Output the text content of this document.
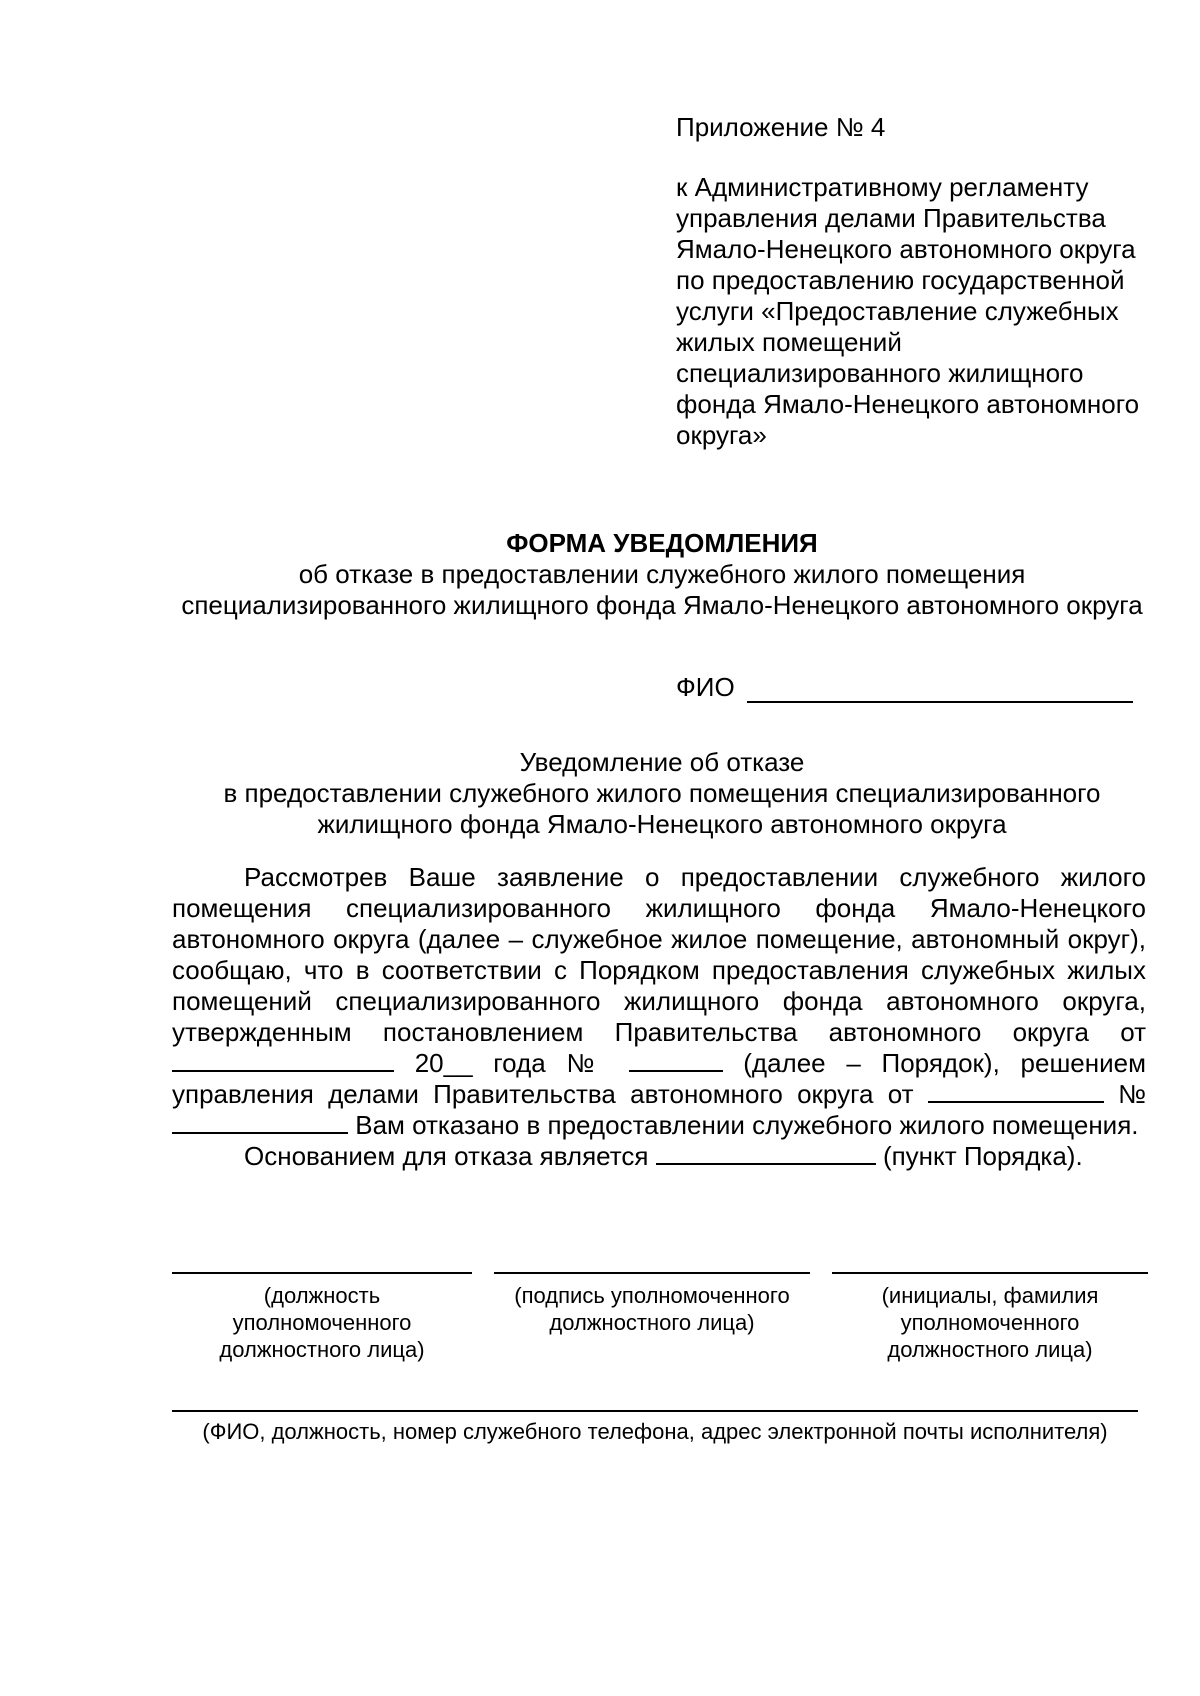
Приложение № 4

к Административному регламенту управления делами Правительства Ямало-Ненецкого автономного округа по предоставлению государственной услуги «Предоставление служебных жилых помещений специализированного жилищного фонда Ямало-Ненецкого автономного округа»

ФОРМА УВЕДОМЛЕНИЯ
об отказе в предоставлении служебного жилого помещения специализированного жилищного фонда Ямало-Ненецкого автономного округа
ФИО
Уведомление об отказе
в предоставлении служебного жилого помещения специализированного жилищного фонда Ямало-Ненецкого автономного округа

Рассмотрев Ваше заявление о предоставлении служебного жилого помещения специализированного жилищного фонда Ямало-Ненецкого автономного округа (далее – служебное жилое помещение, автономный округ), сообщаю, что в соответствии с Порядком предоставления служебных жилых помещений специализированного жилищного фонда автономного округа, утвержденным постановлением Правительства автономного округа от  20__ года №	(далее – Порядок), решением управления делами Правительства автономного округа от	№ Вам отказано в предоставлении служебного жилого помещения.

Основанием для отказа является	(пункт Порядка).

(должность уполномоченного должностного лица)
(подпись уполномоченного должностного лица)
(инициалы, фамилия уполномоченного должностного лица)
(ФИО, должность, номер служебного телефона, адрес электронной почты исполнителя)
